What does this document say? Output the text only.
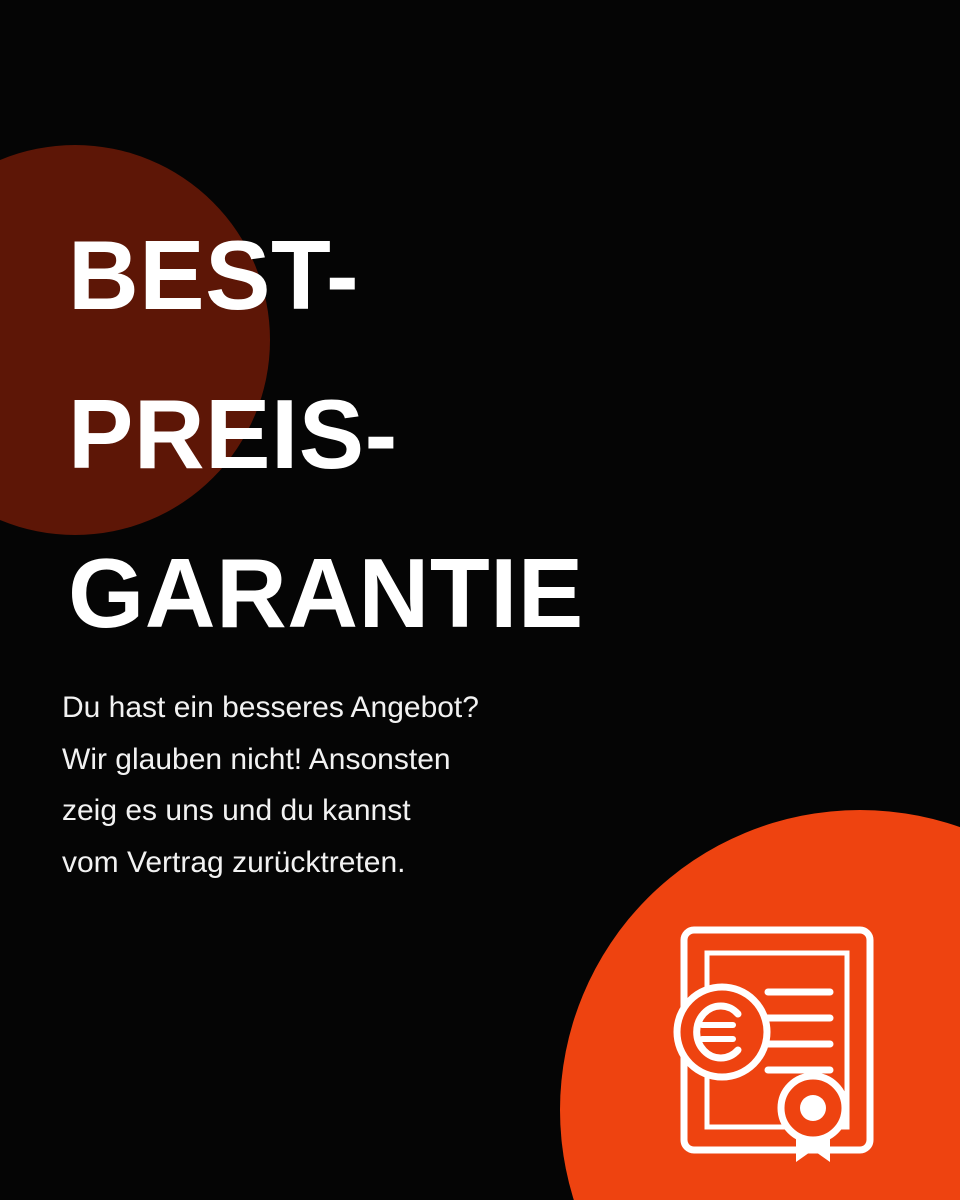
BEST-
PREIS-
GARANTIE
Du hast ein besseres Angebot?
Wir glauben nicht! Ansonsten
zeig es uns und du kannst
vom Vertrag zurücktreten.
